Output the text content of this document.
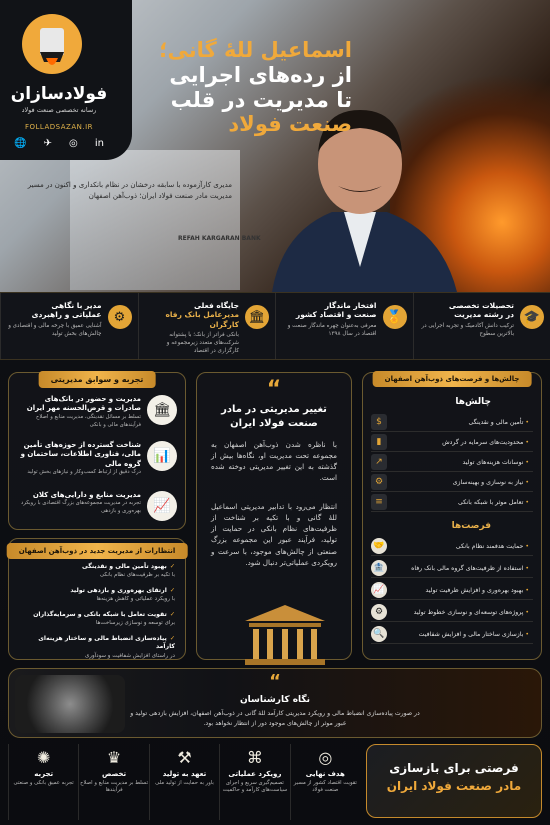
REFAH KARGARAN BANK
فولادسازان
رسانه تخصصی صنعت فولاد
FOLLADSAZAN.IR
🌐 ✈ ◎ in
اسماعیل للهٔ گانی؛
از رده‌های اجرایی
تا مدیریت در قلب
صنعت فولاد
مدیری کارآزموده با سابقه درخشان در نظام بانکداری و اکنون در مسیر مدیریت مادر صنعت فولاد ایران؛ ذوب‌آهن اصفهان
🎓
تحصیلات تخصصی
در رشته مدیریت
ترکیب دانش آکادمیک و تجربه اجرایی در بالاترین سطوح
🏅
افتخار ماندگار
صنعت و اقتصاد کشور
معرفی به‌عنوان چهره ماندگار صنعت و اقتصاد در سال ۱۳۹۸
🏛
جایگاه فعلی
مدیرعامل بانک رفاه کارگران
بانکی فراتر از بانک؛ با پشتوانه شرکت‌های متعدد زیرمجموعه و کارگزاری در اقتصاد
⚙
مدیر با نگاهی
عملیاتی و راهبردی
آشنایی عمیق با چرخه مالی و اقتصادی و چالش‌های بخش تولید
تجربه و سوابق مدیریتی
🏛
مدیریت و حضور در بانک‌های صادرات و قرض‌الحسنه مهر ایران
تسلط بر مسائل نقدینگی، مدیریت منابع و اصلاح فرآیندهای مالی و بانکی
📊
شناخت گسترده از حوزه‌های تأمین مالی، فناوری اطلاعات، ساختمان و گروه مالی
درک دقیق از ارتباط کسب‌وکار و نیازهای بخش تولید
📈
مدیریت منابع و دارایی‌های کلان
تجربه در مدیریت مجموعه‌های بزرگ اقتصادی با رویکرد بهره‌وری و بازدهی
انتظارات از مدیریت جدید در ذوب‌آهن اصفهان
✓ بهبود تأمین مالی و نقدینگی
با تکیه بر ظرفیت‌های نظام بانکی
✓ ارتقای بهره‌وری و بازدهی تولید
با رویکرد عملیاتی و کاهش هزینه‌ها
✓ تقویت تعامل با شبکه بانکی و سرمایه‌گذاران
برای توسعه و نوسازی زیرساخت‌ها
✓ پیاده‌سازی انضباط مالی و ساختار هزینه‌ای کارآمد
در راستای افزایش شفافیت و سودآوری
“
تغییر مدیریتی در مادر صنعت فولاد ایران
با ناظره شدن ذوب‌آهن اصفهان به مجموعه تحت مدیریت او، نگاه‌ها بیش از گذشته به این تغییر مدیریتی دوخته شده است.
انتظار می‌رود با تدابیر مدیریتی اسماعیل للهٔ گانی و با تکیه بر شناخت از ظرفیت‌های نظام بانکی در حمایت از تولید، فرآیند عبور این مجموعه بزرگ صنعتی از چالش‌های موجود، با سرعت و رویکردی عملیاتی‌تر دنبال شود.
چالش‌ها و فرصت‌های ذوب‌آهن اصفهان
چالش‌ها
• تأمین مالی و نقدینگی
$
• محدودیت‌های سرمایه در گردش
▮
• نوسانات هزینه‌های تولید
↗
• نیاز به نوسازی و بهینه‌سازی
⚙
• تعامل موثر با شبکه بانکی
≡
فرصت‌ها
• حمایت هدفمند نظام بانکی
🤝
• استفاده از ظرفیت‌های گروه مالی بانک رفاه
🏦
• بهبود بهره‌وری و افزایش ظرفیت تولید
📈
• پروژه‌های توسعه‌ای و نوسازی خطوط تولید
⚙
• بازسازی ساختار مالی و افزایش شفافیت
🔍
“
نگاه کارشناسان
در صورت پیاده‌سازی انضباط مالی و رویکرد مدیریتی کارآمد للهٔ گانی در ذوب‌آهن اصفهان، افزایش بازدهی تولید و عبور موثر از چالش‌های موجود دور از انتظار نخواهد بود.
◎
هدف نهایی
تقویت اقتصاد کشور از مسیر صنعت فولاد
⌘
رویکرد عملیاتی
تصمیم‌گیری سریع و اجرای سیاست‌های کارآمد و حاکمیت
⚒
تعهد به تولید
باور به حمایت از تولید ملی
♛
تخصص
تسلط بر مدیریت منابع و اصلاح فرآیندها
✺
تجربه
تجربه عمیق بانکی و صنعتی
فرصتی برای بازسازی
مادر صنعت فولاد ایران
